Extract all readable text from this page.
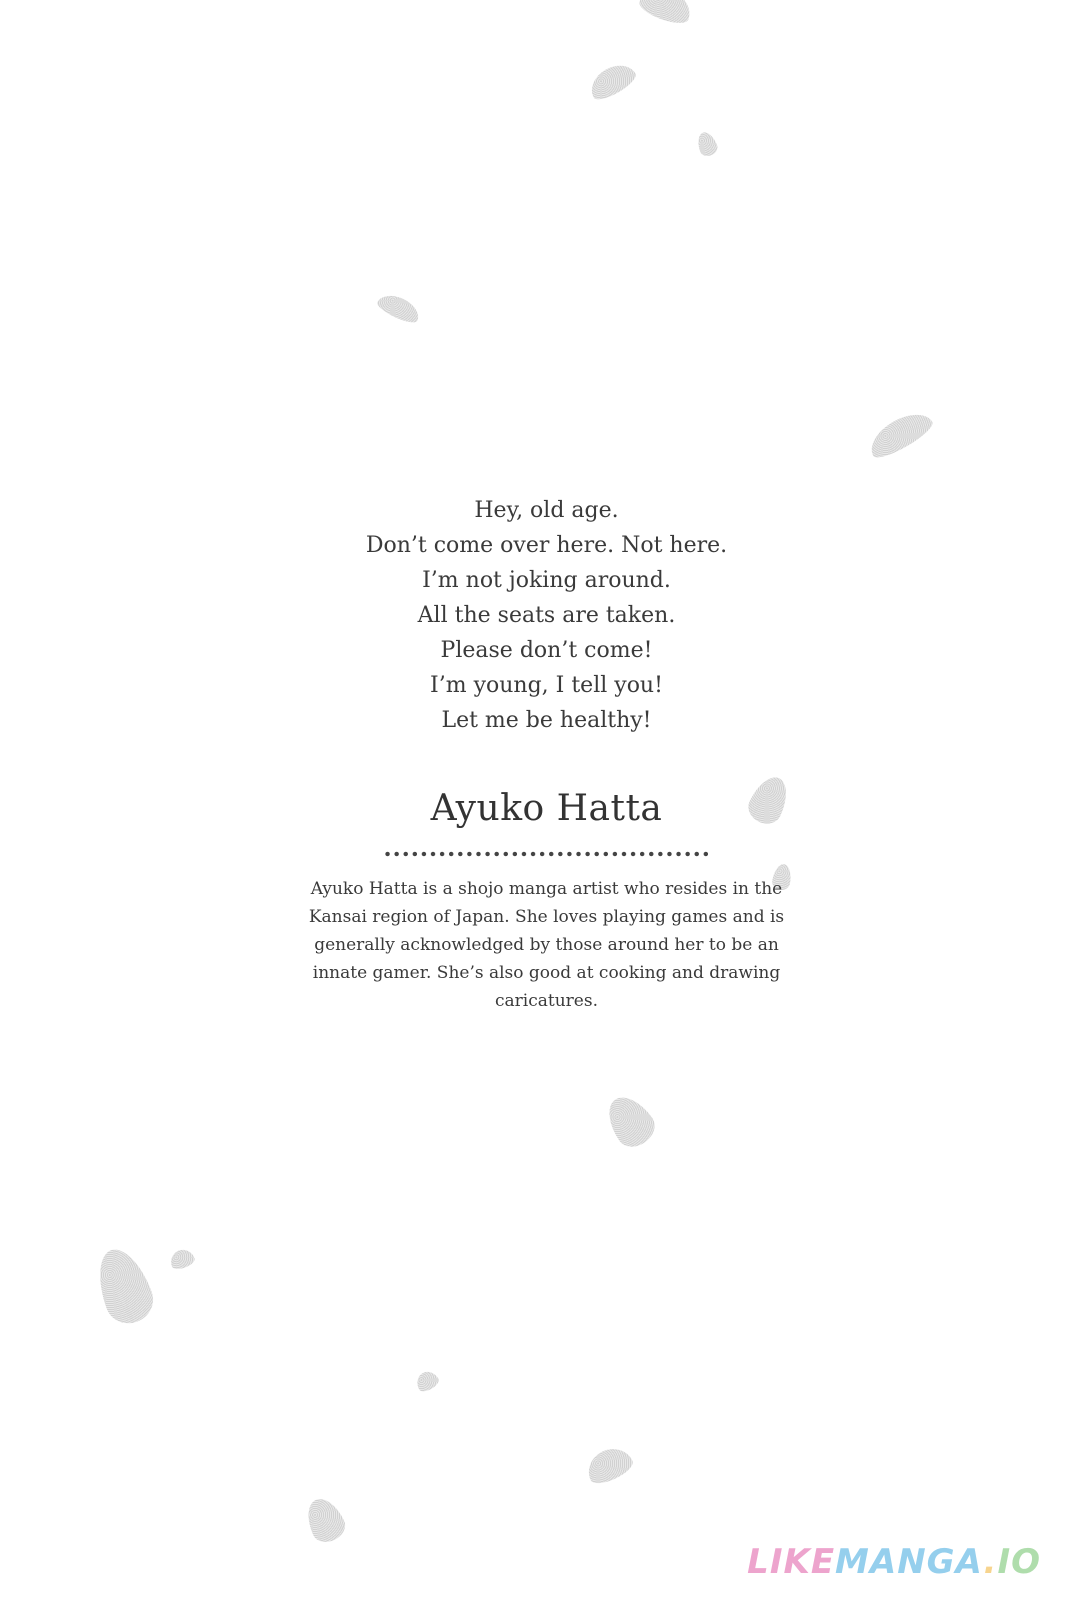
Hey, old age.
Don’t come over here. Not here.
I’m not joking around.
All the seats are taken.
Please don’t come!
I’m young, I tell you!
Let me be healthy!
Ayuko Hatta

Ayuko Hatta is a shojo manga artist who resides in the Kansai region of Japan. She loves playing games and is generally acknowledged by those around her to be an innate gamer. She’s also good at cooking and drawing caricatures.

LIKEMANGA.IO
